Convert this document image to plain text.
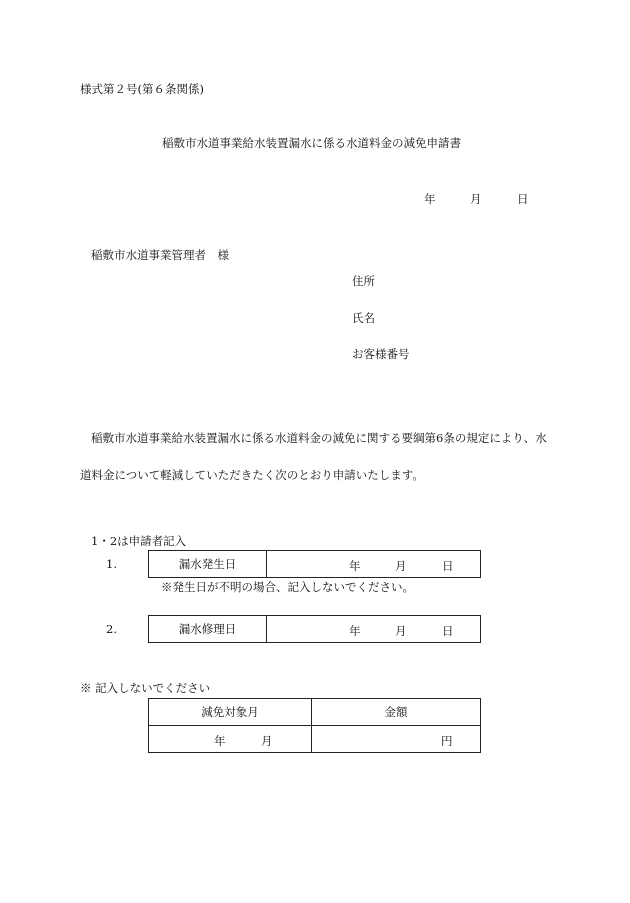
様式第２号(第６条関係)
稲敷市水道事業給水装置漏水に係る水道料金の減免申請書
年	月	日
稲敷市水道事業管理者　様
住所
氏名
お客様番号
稲敷市水道事業給水装置漏水に係る水道料金の減免に関する要綱第6条の規定により、水
道料金について軽減していただきたく次のとおり申請いたします。
1・2は申請者記入
1.	漏水発生日	年	月	日
※発生日が不明の場合、記入しないでください。
2.	漏水修理日	年	月	日
※ 記入しないでください
減免対象月	金額

年 月	円
